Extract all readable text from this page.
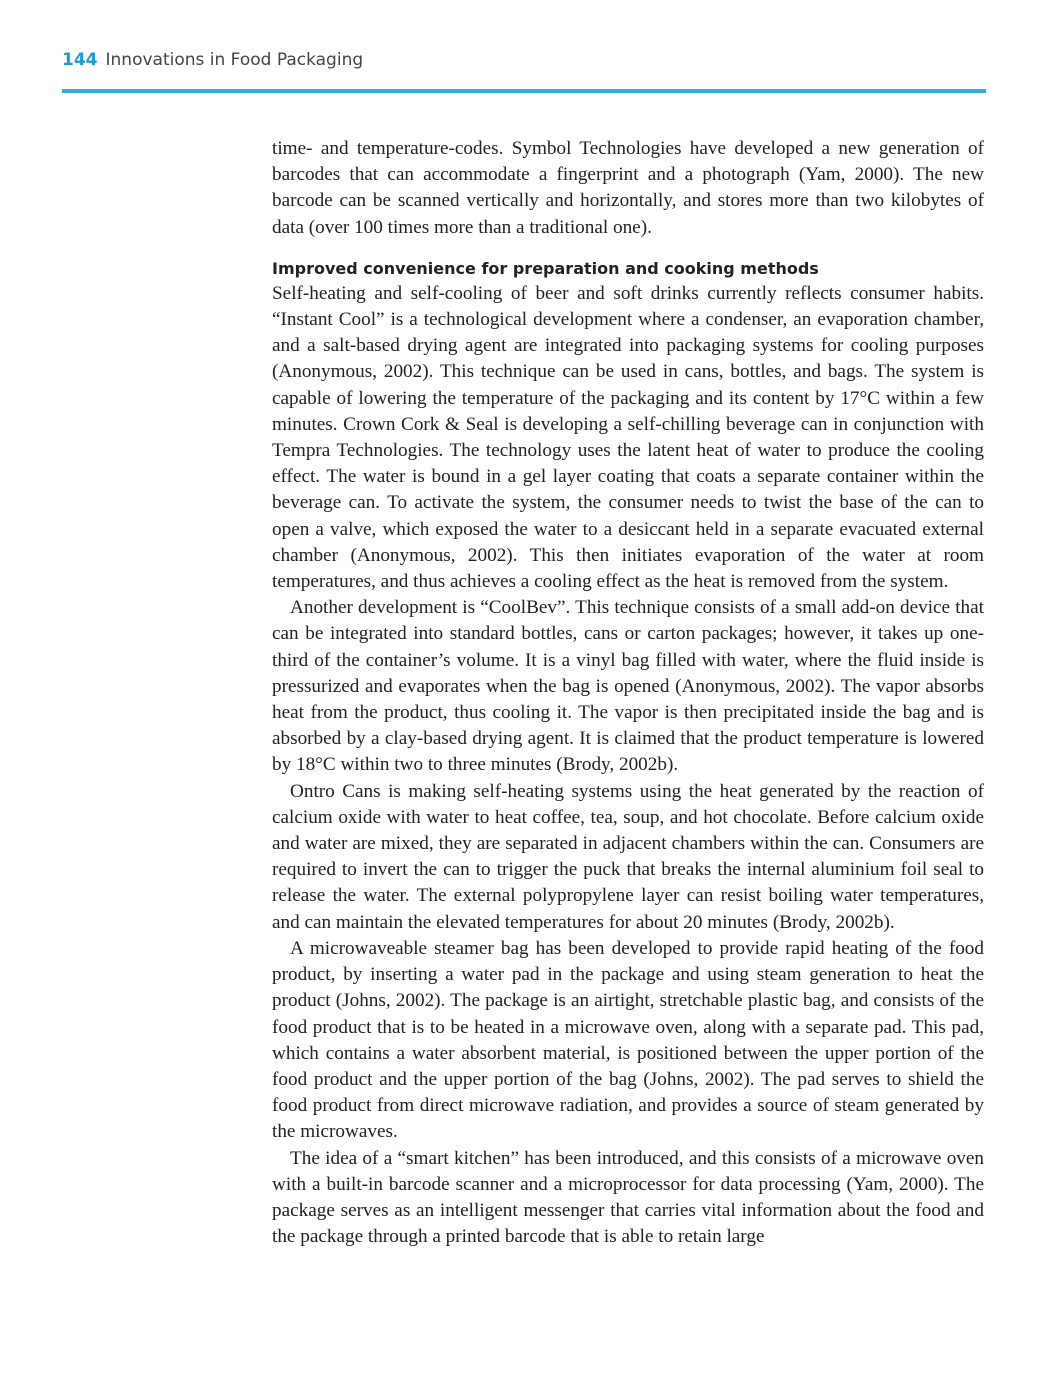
144 Innovations in Food Packaging

time- and temperature-codes. Symbol Technologies have developed a new generation of barcodes that can accommodate a fingerprint and a photograph (Yam, 2000). The new barcode can be scanned vertically and horizontally, and stores more than two kilobytes of data (over 100 times more than a traditional one).

Improved convenience for preparation and cooking methods

Self-heating and self-cooling of beer and soft drinks currently reflects consumer habits. “Instant Cool” is a technological development where a condenser, an evaporation chamber, and a salt-based drying agent are integrated into packaging systems for cooling purposes (Anonymous, 2002). This technique can be used in cans, bottles, and bags. The system is capable of lowering the temperature of the packaging and its content by 17°C within a few minutes. Crown Cork & Seal is developing a self-chilling beverage can in conjunction with Tempra Technologies. The technology uses the latent heat of water to produce the cooling effect. The water is bound in a gel layer coating that coats a separate container within the beverage can. To activate the system, the consumer needs to twist the base of the can to open a valve, which exposed the water to a desiccant held in a separate evacuated external chamber (Anonymous, 2002). This then initiates evaporation of the water at room temperatures, and thus achieves a cooling effect as the heat is removed from the system.

Another development is “CoolBev”. This technique consists of a small add-on device that can be integrated into standard bottles, cans or carton packages; however, it takes up one-third of the container’s volume. It is a vinyl bag filled with water, where the fluid inside is pressurized and evaporates when the bag is opened (Anonymous, 2002). The vapor absorbs heat from the product, thus cooling it. The vapor is then precipitated inside the bag and is absorbed by a clay-based drying agent. It is claimed that the product temperature is lowered by 18°C within two to three minutes (Brody, 2002b).

Ontro Cans is making self-heating systems using the heat generated by the reaction of calcium oxide with water to heat coffee, tea, soup, and hot chocolate. Before calcium oxide and water are mixed, they are separated in adjacent chambers within the can. Consumers are required to invert the can to trigger the puck that breaks the internal aluminium foil seal to release the water. The external polypropylene layer can resist boiling water temperatures, and can maintain the elevated temperatures for about 20 minutes (Brody, 2002b).

A microwaveable steamer bag has been developed to provide rapid heating of the food product, by inserting a water pad in the package and using steam generation to heat the product (Johns, 2002). The package is an airtight, stretchable plastic bag, and consists of the food product that is to be heated in a microwave oven, along with a separate pad. This pad, which contains a water absorbent material, is positioned between the upper portion of the food product and the upper portion of the bag (Johns, 2002). The pad serves to shield the food product from direct microwave radiation, and provides a source of steam generated by the microwaves.

The idea of a “smart kitchen” has been introduced, and this consists of a microwave oven with a built-in barcode scanner and a microprocessor for data processing (Yam, 2000). The package serves as an intelligent messenger that carries vital information about the food and the package through a printed barcode that is able to retain large
